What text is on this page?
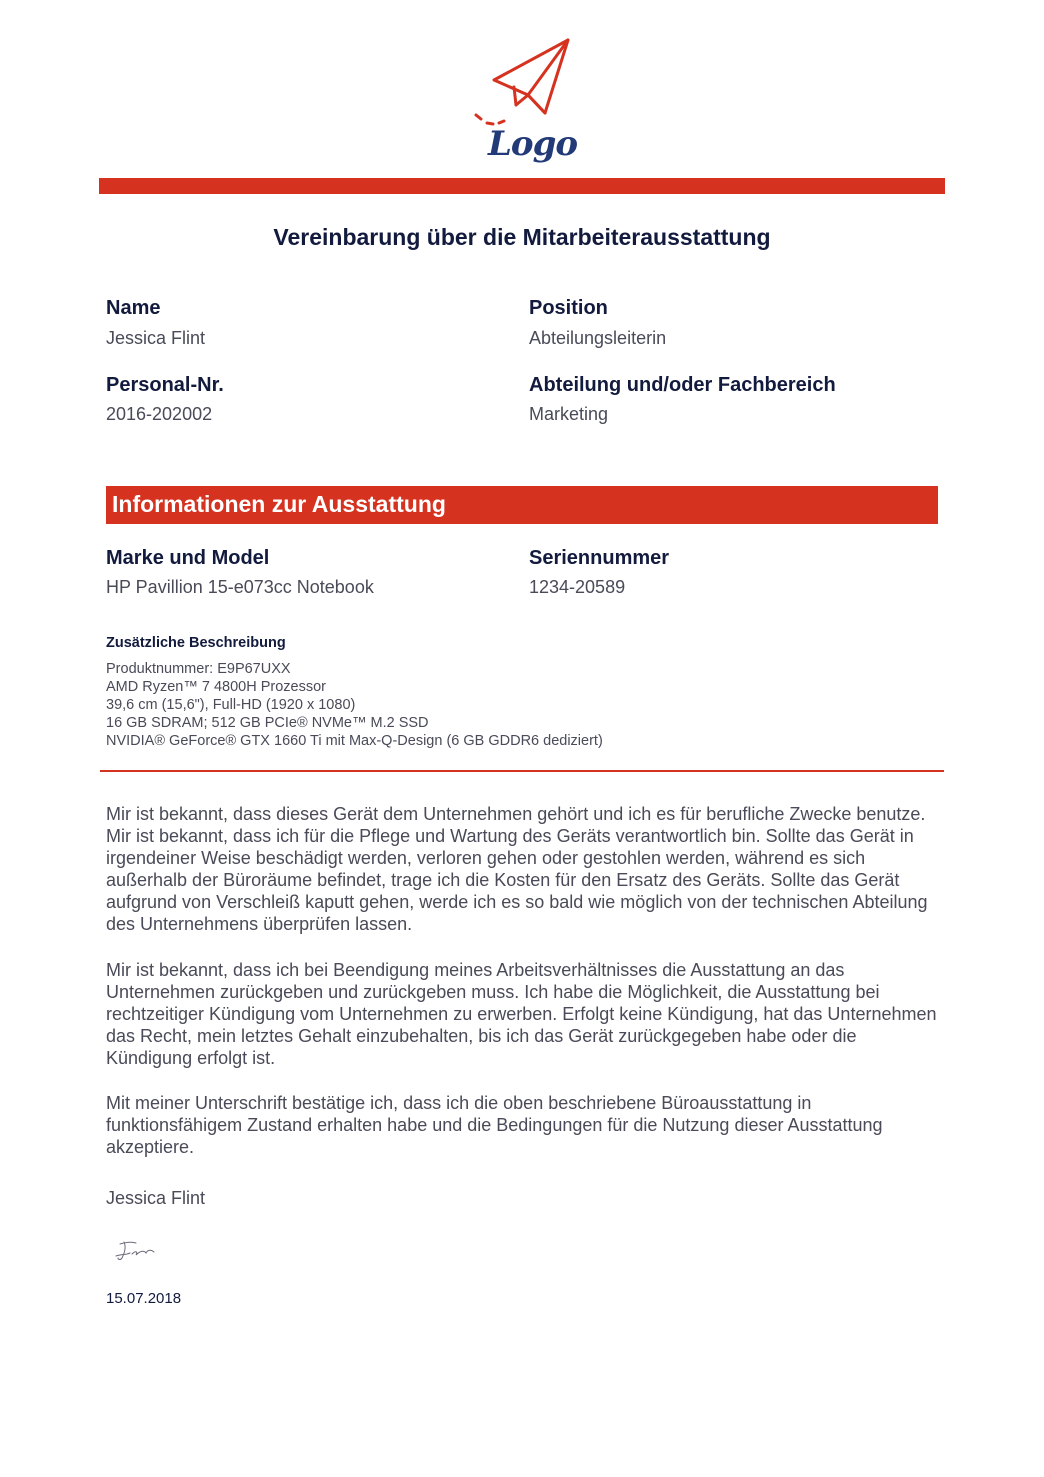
Logo
Vereinbarung über die Mitarbeiterausstattung
Name
Jessica Flint
Position
Abteilungsleiterin
Personal-Nr.
2016-202002
Abteilung und/oder Fachbereich
Marketing
Informationen zur Ausstattung
Marke und Model
HP Pavillion 15-e073cc Notebook
Seriennummer
1234-20589
Zusätzliche Beschreibung
Produktnummer: E9P67UXX
AMD Ryzen™ 7 4800H Prozessor
39,6 cm (15,6"), Full-HD (1920 x 1080)
16 GB SDRAM; 512 GB PCIe® NVMe™ M.2 SSD
NVIDIA® GeForce® GTX 1660 Ti mit Max-Q-Design (6 GB GDDR6 dediziert)
Mir ist bekannt, dass dieses Gerät dem Unternehmen gehört und ich es für berufliche Zwecke benutze. Mir ist bekannt, dass ich für die Pflege und Wartung des Geräts verantwortlich bin. Sollte das Gerät in irgendeiner Weise beschädigt werden, verloren gehen oder gestohlen werden, während es sich außerhalb der Büroräume befindet, trage ich die Kosten für den Ersatz des Geräts. Sollte das Gerät aufgrund von Verschleiß kaputt gehen, werde ich es so bald wie möglich von der technischen Abteilung des Unternehmens überprüfen lassen.
Mir ist bekannt, dass ich bei Beendigung meines Arbeitsverhältnisses die Ausstattung an das Unternehmen zurückgeben und zurückgeben muss. Ich habe die Möglichkeit, die Ausstattung bei rechtzeitiger Kündigung vom Unternehmen zu erwerben. Erfolgt keine Kündigung, hat das Unternehmen das Recht, mein letztes Gehalt einzubehalten, bis ich das Gerät zurückgegeben habe oder die Kündigung erfolgt ist.
Mit meiner Unterschrift bestätige ich, dass ich die oben beschriebene Büroausstattung in funktionsfähigem Zustand erhalten habe und die Bedingungen für die Nutzung dieser Ausstattung akzeptiere.
Jessica Flint
15.07.2018
